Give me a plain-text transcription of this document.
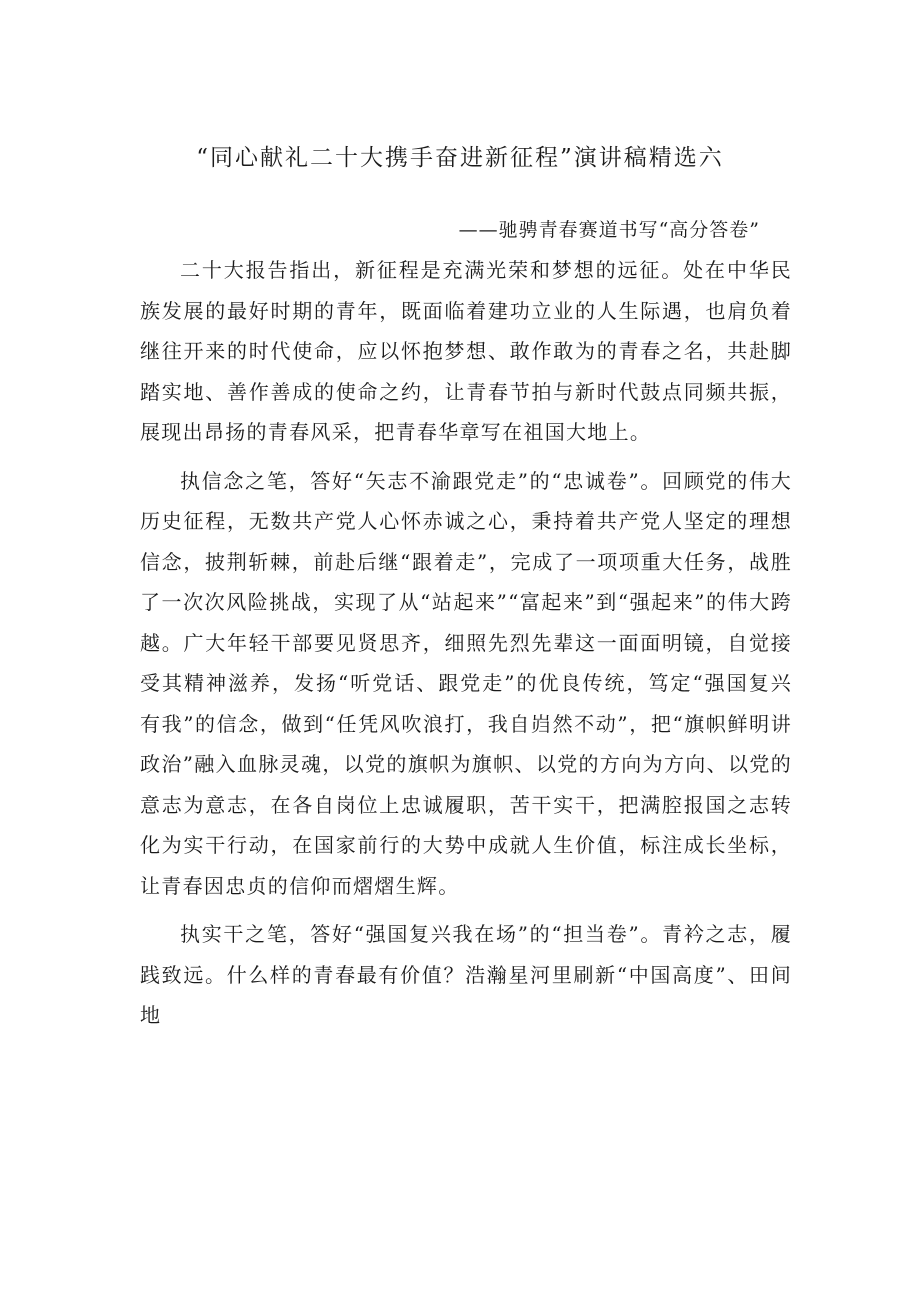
“同心献礼二十大携手奋进新征程”演讲稿精选六

——驰骋青春赛道书写“高分答卷”

二十大报告指出，新征程是充满光荣和梦想的远征。处在中华民族发展的最好时期的青年，既面临着建功立业的人生际遇，也肩负着继往开来的时代使命，应以怀抱梦想、敢作敢为的青春之名，共赴脚踏实地、善作善成的使命之约，让青春节拍与新时代鼓点同频共振，展现出昂扬的青春风采，把青春华章写在祖国大地上。

执信念之笔，答好“矢志不渝跟党走”的“忠诚卷”。回顾党的伟大历史征程，无数共产党人心怀赤诚之心，秉持着共产党人坚定的理想信念，披荆斩棘，前赴后继“跟着走”，完成了一项项重大任务，战胜了一次次风险挑战，实现了从“站起来”“富起来”到“强起来”的伟大跨越。广大年轻干部要见贤思齐，细照先烈先辈这一面面明镜，自觉接受其精神滋养，发扬“听党话、跟党走”的优良传统，笃定“强国复兴有我”的信念，做到“任凭风吹浪打，我自岿然不动”，把“旗帜鲜明讲政治”融入血脉灵魂，以党的旗帜为旗帜、以党的方向为方向、以党的意志为意志，在各自岗位上忠诚履职，苦干实干，把满腔报国之志转化为实干行动，在国家前行的大势中成就人生价值，标注成长坐标，让青春因忠贞的信仰而熠熠生辉。

执实干之笔，答好“强国复兴我在场”的“担当卷”。青衿之志，履践致远。什么样的青春最有价值？浩瀚星河里刷新“中国高度”、田间地
